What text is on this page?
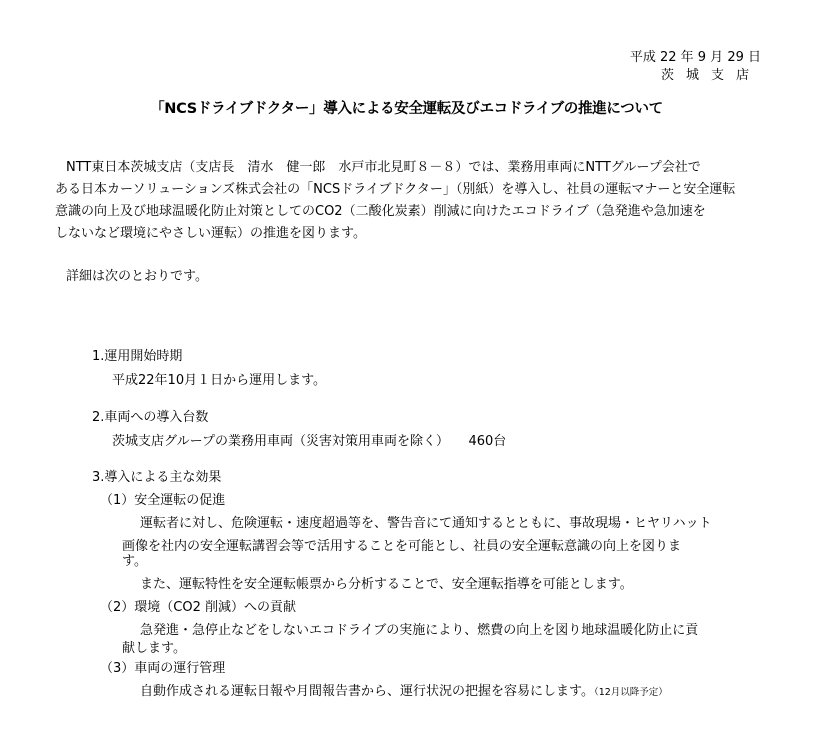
平成 22 年 9 月 29 日
茨城支店
「NCSドライブドクター」導入による安全運転及びエコドライブの推進について
NTT東日本茨城支店（支店長　清水　健一郎　水戸市北見町８－８）では、業務用車両にNTTグループ会社で
ある日本カーソリューションズ株式会社の「NCSドライブドクター」（別紙）を導入し、社員の運転マナーと安全運転
意識の向上及び地球温暖化防止対策としてのCO2（二酸化炭素）削減に向けたエコドライブ（急発進や急加速を
しないなど環境にやさしい運転）の推進を図ります。
詳細は次のとおりです。
1.運用開始時期
平成22年10月１日から運用します。
2.車両への導入台数
茨城支店グループの業務用車両（災害対策用車両を除く）　　460台
3.導入による主な効果
（1）安全運転の促進
運転者に対し、危険運転・速度超過等を、警告音にて通知するとともに、事故現場・ヒヤリハット
画像を社内の安全運転講習会等で活用することを可能とし、社員の安全運転意識の向上を図りま
す。
また、運転特性を安全運転帳票から分析することで、安全運転指導を可能とします。
（2）環境（CO2 削減）への貢献
急発進・急停止などをしないエコドライブの実施により、燃費の向上を図り地球温暖化防止に貢
献します。
（3）車両の運行管理
自動作成される運転日報や月間報告書から、運行状況の把握を容易にします。（12月以降予定）
